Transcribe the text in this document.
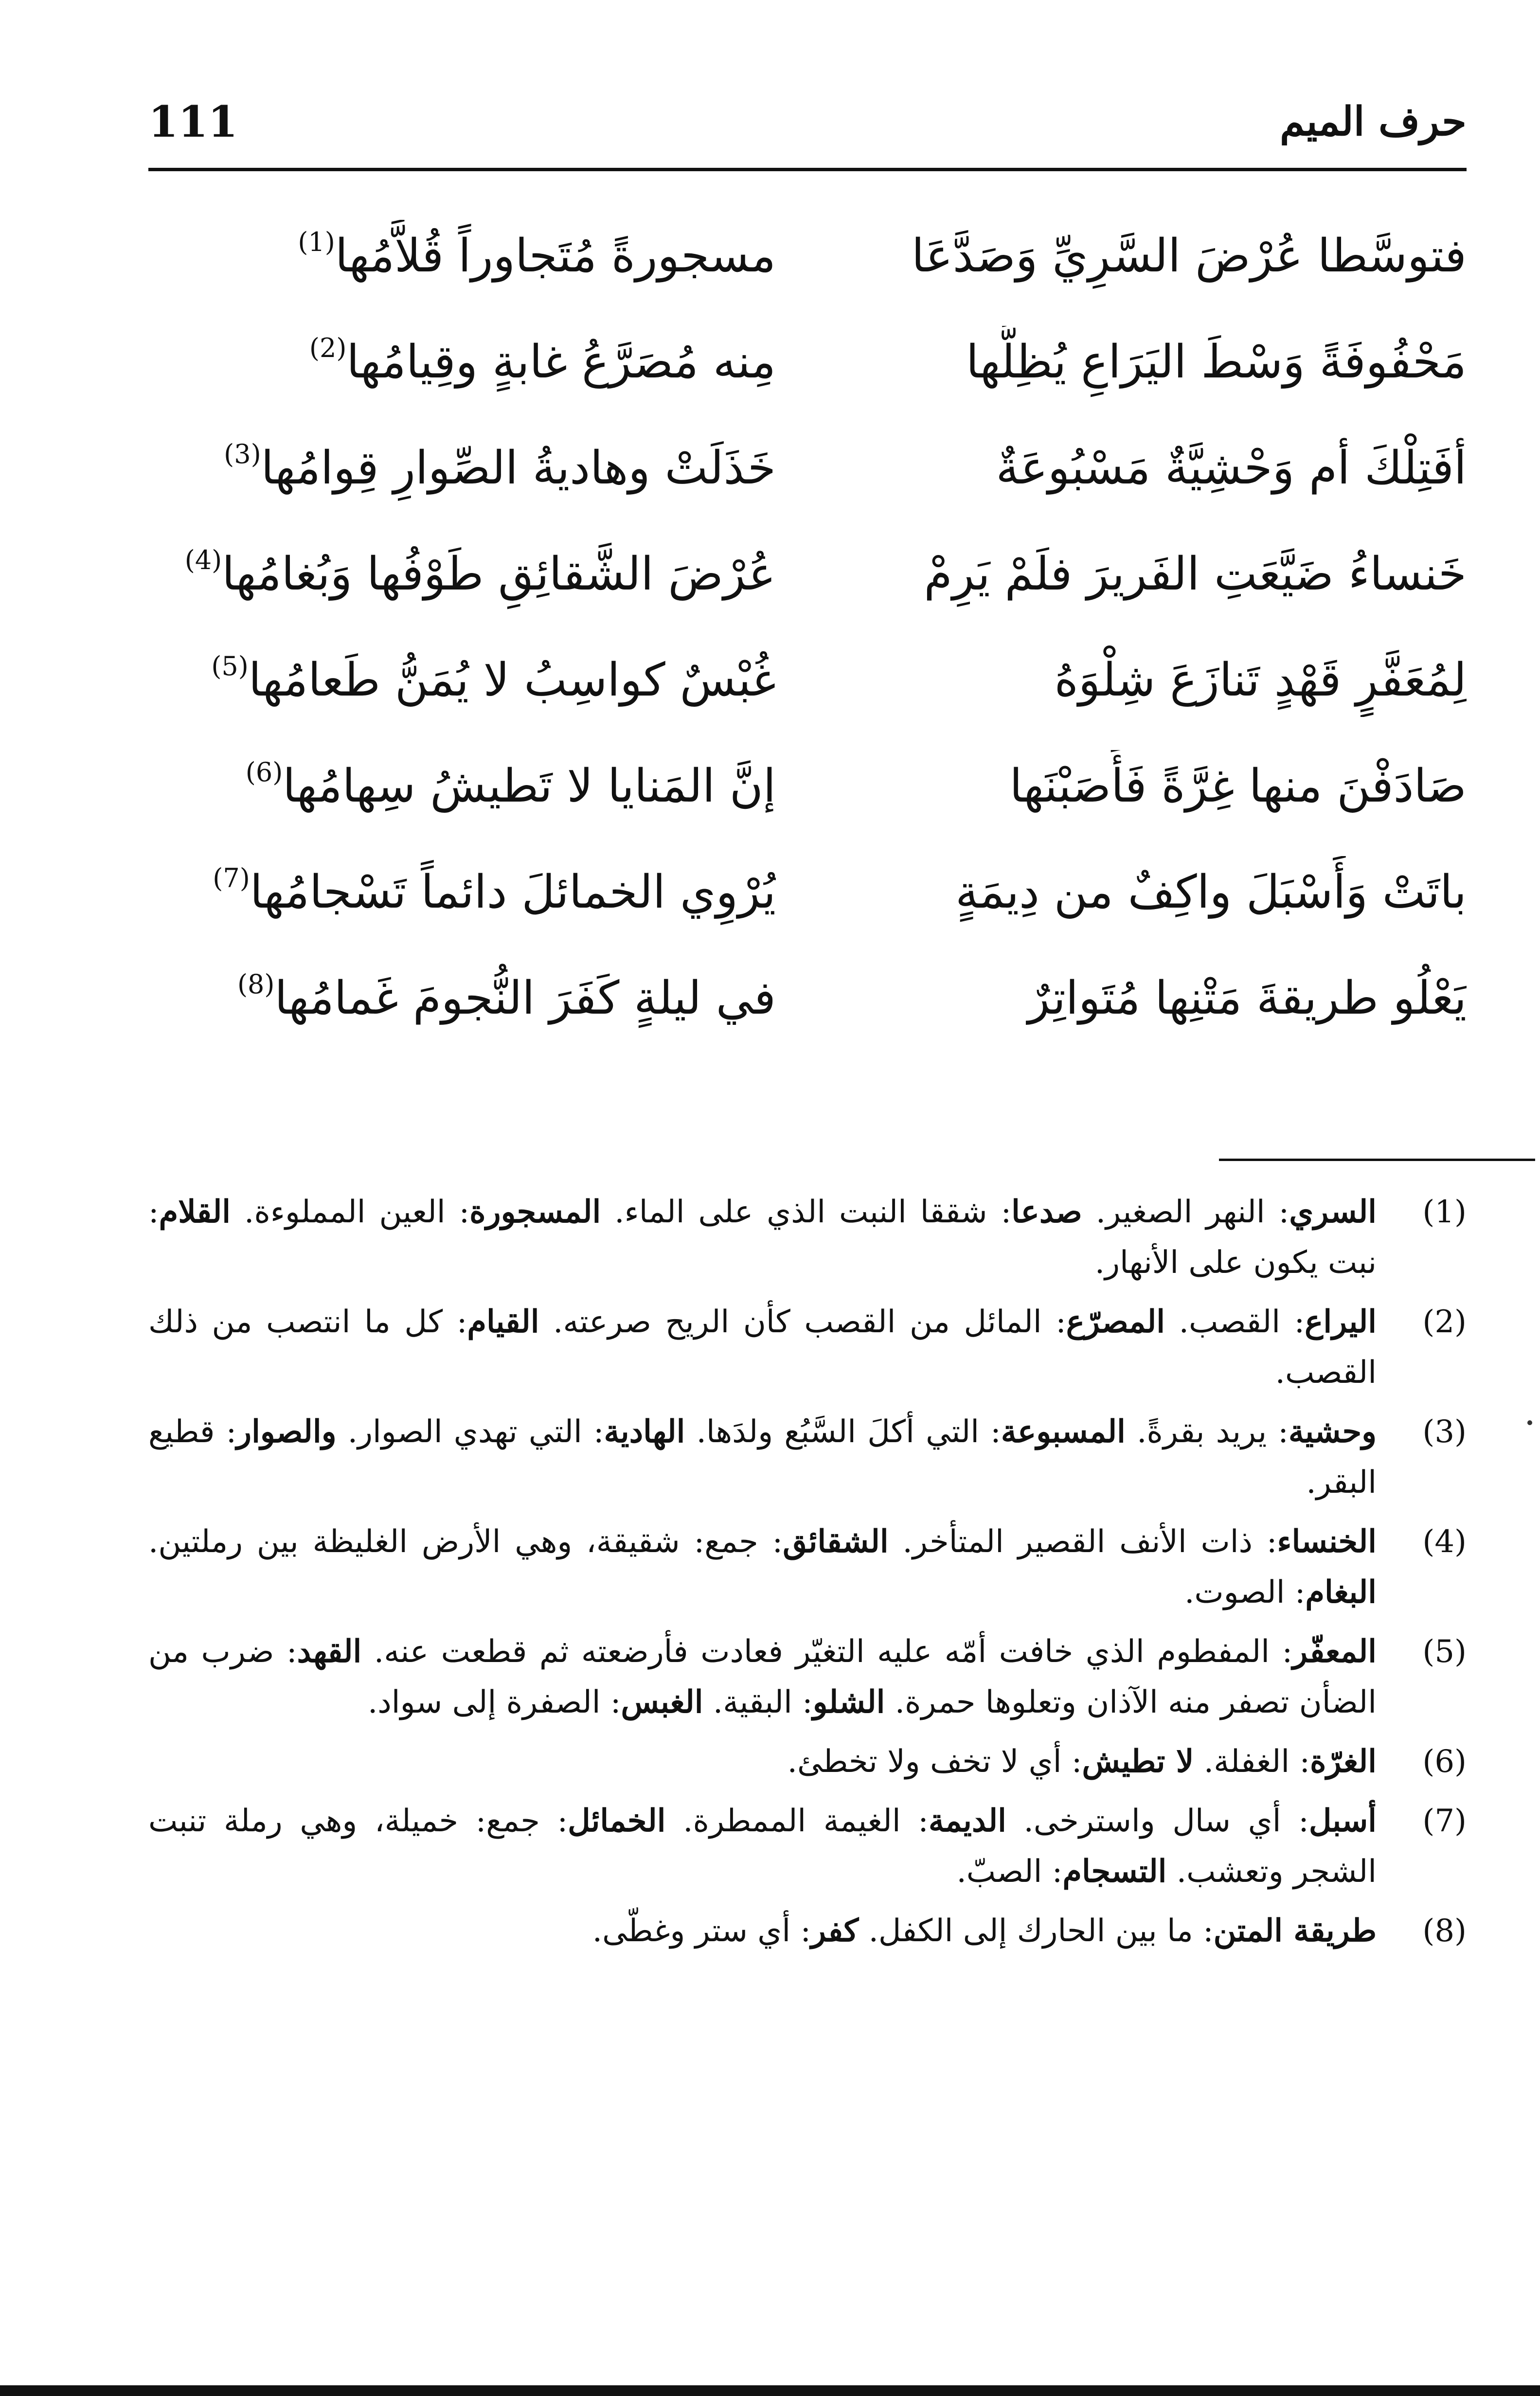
حرف الميم
111
فتوسَّطا عُرْضَ السَّرِيِّ وَصَدَّعَا
مسجورةً مُتَجاوراً قُلاَّمُها$^{(1)}$
مَحْفُوفَةً وَسْطَ اليَرَاعِ يُظِلُّها
مِنه مُصَرَّعُ غابةٍ وقِيامُها$^{(2)}$
أفَتِلْكَ أم وَحْشِيَّةٌ مَسْبُوعَةٌ
خَذَلَتْ وهاديةُ الصِّوارِ قِوامُها$^{(3)}$
خَنساءُ ضَيَّعَتِ الفَريرَ فلَمْ يَرِمْ
عُرْضَ الشَّقائِقِ طَوْفُها وَبُغامُها$^{(4)}$
لِمُعَفَّرٍ قَهْدٍ تَنازَعَ شِلْوَهُ
غُبْسٌ كواسِبُ لا يُمَنُّ طَعامُها$^{(5)}$
صَادَفْنَ منها غِرَّةً فَأَصَبْنَها
إنَّ المَنايا لا تَطيشُ سِهامُها$^{(6)}$
باتَتْ وَأَسْبَلَ واكِفٌ من دِيمَةٍ
يُرْوِي الخمائلَ دائماً تَسْجامُها$^{(7)}$
يَعْلُو طريقةَ مَتْنِها مُتَواتِرٌ
في ليلةٍ كَفَرَ النُّجومَ غَمامُها$^{(8)}$
(1)
السري: النهر الصغير. صدعا: شققا النبت الذي على الماء. المسجورة: العين المملوءة. القلام: نبت يكون على الأنهار.
(2)
اليراع: القصب. المصرّع: المائل من القصب كأن الريح صرعته. القيام: كل ما انتصب من ذلك القصب.
(3)
وحشية: يريد بقرةً. المسبوعة: التي أكلَ السَّبُع ولدَها. الهادية: التي تهدي الصوار. والصوار: قطيع البقر.
(4)
الخنساء: ذات الأنف القصير المتأخر. الشقائق: جمع: شقيقة، وهي الأرض الغليظة بين رملتين. البغام: الصوت.
(5)
المعفّر: المفطوم الذي خافت أمّه عليه التغيّر فعادت فأرضعته ثم قطعت عنه. القهد: ضرب من الضأن تصفر منه الآذان وتعلوها حمرة. الشلو: البقية. الغبس: الصفرة إلى سواد.
(6)
الغرّة: الغفلة. لا تطيش: أي لا تخف ولا تخطئ.
(7)
أسبل: أي سال واسترخى. الديمة: الغيمة الممطرة. الخمائل: جمع: خميلة، وهي رملة تنبت الشجر وتعشب. التسجام: الصبّ.
(8)
طريقة المتن: ما بين الحارك إلى الكفل. كفر: أي ستر وغطّى.
